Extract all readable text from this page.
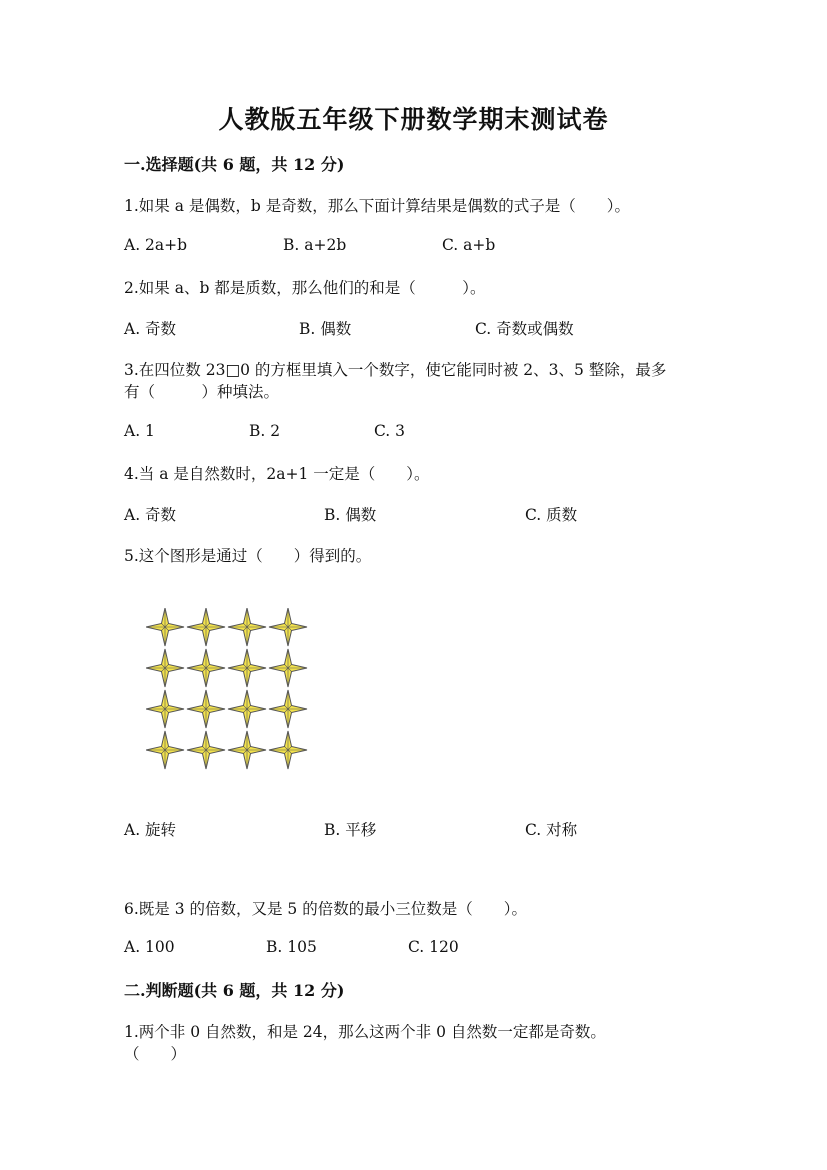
人教版五年级下册数学期末测试卷
一.选择题(共 6 题，共 12 分)
1.如果 a 是偶数，b 是奇数，那么下面计算结果是偶数的式子是（　　）。
A. 2a+b	B. a+2b	C. a+b
2.如果 a、b 都是质数，那么他们的和是（　　　）。
A. 奇数	B. 偶数	C. 奇数或偶数
3.在四位数 23□0 的方框里填入一个数字，使它能同时被 2、3、5 整除，最多
有（　　　）种填法。
A. 1	B. 2	C. 3
4.当 a 是自然数时，2a+1 一定是（　　）。
A. 奇数	B. 偶数	C. 质数
5.这个图形是通过（　　）得到的。
A. 旋转	B. 平移	C. 对称
6.既是 3 的倍数，又是 5 的倍数的最小三位数是（　　）。
A. 100	B. 105	C. 120
二.判断题(共 6 题，共 12 分)
1.两个非 0 自然数，和是 24，那么这两个非 0 自然数一定都是奇数。
（　　）
